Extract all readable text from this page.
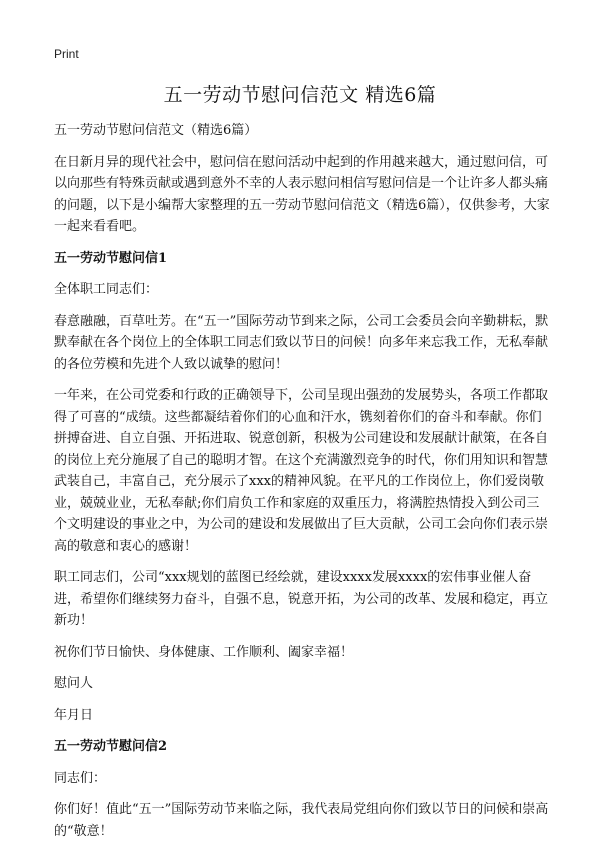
Print
五一劳动节慰问信范文 精选6篇

五一劳动节慰问信范文（精选6篇）

在日新月异的现代社会中，慰问信在慰问活动中起到的作用越来越大，通过慰问信，可以向那些有特殊贡献或遇到意外不幸的人表示慰问相信写慰问信是一个让许多人都头痛的问题，以下是小编帮大家整理的五一劳动节慰问信范文（精选6篇），仅供参考，大家一起来看看吧。

五一劳动节慰问信1

全体职工同志们：

春意融融，百草吐芳。在“五一”国际劳动节到来之际，公司工会委员会向辛勤耕耘，默默奉献在各个岗位上的全体职工同志们致以节日的问候！向多年来忘我工作，无私奉献的各位劳模和先进个人致以诚挚的慰问！

一年来，在公司党委和行政的正确领导下，公司呈现出强劲的发展势头，各项工作都取得了可喜的“成绩。这些都凝结着你们的心血和汗水，镌刻着你们的奋斗和奉献。你们拼搏奋进、自立自强、开拓进取、锐意创新，积极为公司建设和发展献计献策，在各自的岗位上充分施展了自己的聪明才智。在这个充满激烈竞争的时代，你们用知识和智慧武装自己，丰富自己，充分展示了xxx的精神风貌。在平凡的工作岗位上，你们爱岗敬业，兢兢业业，无私奉献;你们肩负工作和家庭的双重压力，将满腔热情投入到公司三个文明建设的事业之中，为公司的建设和发展做出了巨大贡献，公司工会向你们表示崇高的敬意和衷心的感谢！

职工同志们，公司“xxx规划的蓝图已经绘就，建设xxxx发展xxxx的宏伟事业催人奋进，希望你们继续努力奋斗，自强不息，锐意开拓，为公司的改革、发展和稳定，再立新功！

祝你们节日愉快、身体健康、工作顺利、阖家幸福！

慰问人

年月日

五一劳动节慰问信2

同志们：

你们好！值此“五一”国际劳动节来临之际，我代表局党组向你们致以节日的问候和崇高的“敬意！
